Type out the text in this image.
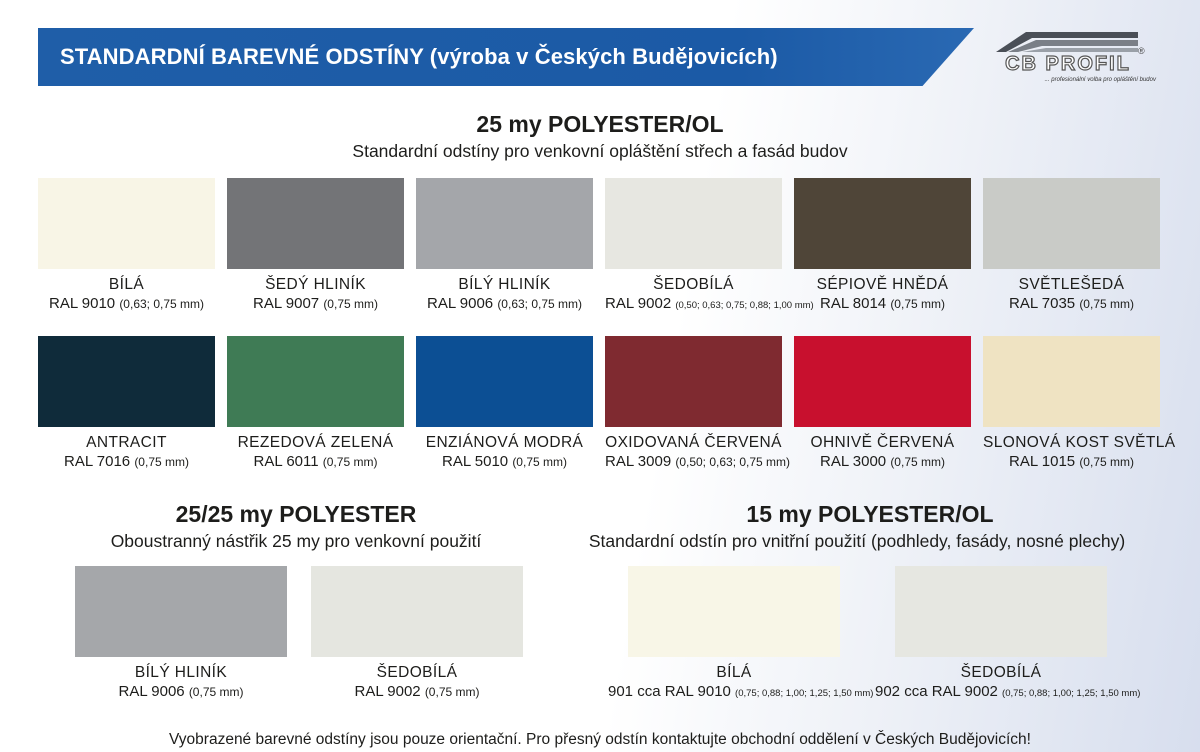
STANDARDNÍ BAREVNÉ ODSTÍNY (výroba v Českých Budějovicích)	CB PROFIL
®
... profesionální volba pro opláštění budov
25 my POLYESTER/OL
Standardní odstíny pro venkovní opláštění střech a fasád budov
BÍLÁ
RAL 9010 (0,63; 0,75 mm)
ŠEDÝ HLINÍK
RAL 9007 (0,75 mm)
BÍLÝ HLINÍK
RAL 9006 (0,63; 0,75 mm)
ŠEDOBÍLÁ
RAL 9002 (0,50; 0,63; 0,75; 0,88; 1,00 mm)
SÉPIOVĚ HNĚDÁ
RAL 8014 (0,75 mm)
SVĚTLEŠEDÁ
RAL 7035 (0,75 mm)
ANTRACIT
RAL 7016 (0,75 mm)
REZEDOVÁ ZELENÁ
RAL 6011 (0,75 mm)
ENZIÁNOVÁ MODRÁ
RAL 5010 (0,75 mm)
OXIDOVANÁ ČERVENÁ
RAL 3009 (0,50; 0,63; 0,75 mm)
OHNIVĚ ČERVENÁ
RAL 3000 (0,75 mm)
SLONOVÁ KOST SVĚTLÁ
RAL 1015 (0,75 mm)
25/25 my POLYESTER
Oboustranný nástřik 25 my pro venkovní použití
BÍLÝ HLINÍK
RAL 9006 (0,75 mm)
ŠEDOBÍLÁ
RAL 9002 (0,75 mm)
15 my POLYESTER/OL
Standardní odstín pro vnitřní použití (podhledy, fasády, nosné plechy)
BÍLÁ
901 cca RAL 9010 (0,75; 0,88; 1,00; 1,25; 1,50 mm)
ŠEDOBÍLÁ
902 cca RAL 9002 (0,75; 0,88; 1,00; 1,25; 1,50 mm)
Vyobrazené barevné odstíny jsou pouze orientační. Pro přesný odstín kontaktujte obchodní oddělení v Českých Budějovicích!
